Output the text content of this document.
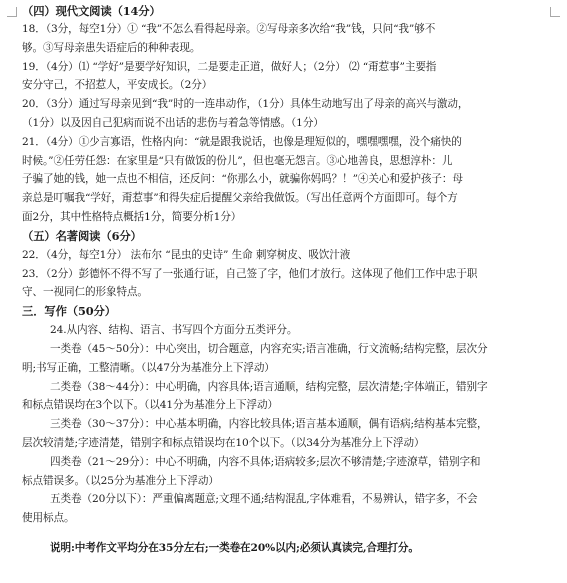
（四）现代文阅读（14分）
18．（3分，每空1分）① “我”不怎么看得起母亲。②写母亲多次给“我”钱，只问“我”够不
够。③写母亲患失语症后的种种表现。
19．（4分）⑴ “学好”是要学好知识，二是要走正道，做好人；（2分） ⑵ “甭惹事”主要指
安分守己，不招惹人，平安成长。（2分）
20．（3分）通过写母亲见到“我”时的一连串动作，（1分）具体生动地写出了母亲的高兴与激动，
（1分）以及因自己犯病而说不出话的悲伤与着急等情感。（1分）
21．（4分）①少言寡语，性格内向：“就是跟我说话，也像是理短似的，嘿嘿嘿嘿，没个痛快的
时候。”②任劳任怨：在家里是“只有做饭的份儿”，但也毫无怨言。③心地善良，思想淳朴：儿
子骗了她的钱，她一点也不相信，还反问：“你那么小，就骗你妈吗？！”④关心和爱护孩子：母
亲总是叮嘱我“学好，甭惹事”和得失症后提醒父亲给我做饭。（写出任意两个方面即可。每个方
面2分，其中性格特点概括1分，简要分析1分）
（五）名著阅读（6分）
22．（4分，每空1分） 法布尔 “昆虫的史诗” 生命 刺穿树皮、吸饮汁液
23．（2分）彭德怀不得不写了一张通行证，自己签了字，他们才放行。这体现了他们工作中忠于职
守、一视同仁的形象特点。
三．写作（50分）
24.从内容、结构、语言、书写四个方面分五类评分。
一类卷（45～50分）：中心突出，切合题意，内容充实;语言准确，行文流畅;结构完整，层次分
明;书写正确，工整清晰。（以47分为基准分上下浮动）
二类卷（38～44分）：中心明确，内容具体;语言通顺，结构完整，层次清楚;字体端正，错别字
和标点错误均在3个以下。（以41分为基准分上下浮动）
三类卷（30～37分）：中心基本明确，内容比较具体;语言基本通顺，偶有语病;结构基本完整，
层次较清楚;字迹清楚，错别字和标点错误均在10个以下。（以34分为基准分上下浮动）
四类卷（21～29分）：中心不明确，内容不具体;语病较多;层次不够清楚;字迹潦草，错别字和
标点错误多。（以25分为基准分上下浮动）
五类卷（20分以下）：严重偏离题意;文理不通;结构混乱,字体难看，不易辨认，错字多，不会
使用标点。
说明:中考作文平均分在35分左右;一类卷在20%以内;必须认真读完,合理打分。
